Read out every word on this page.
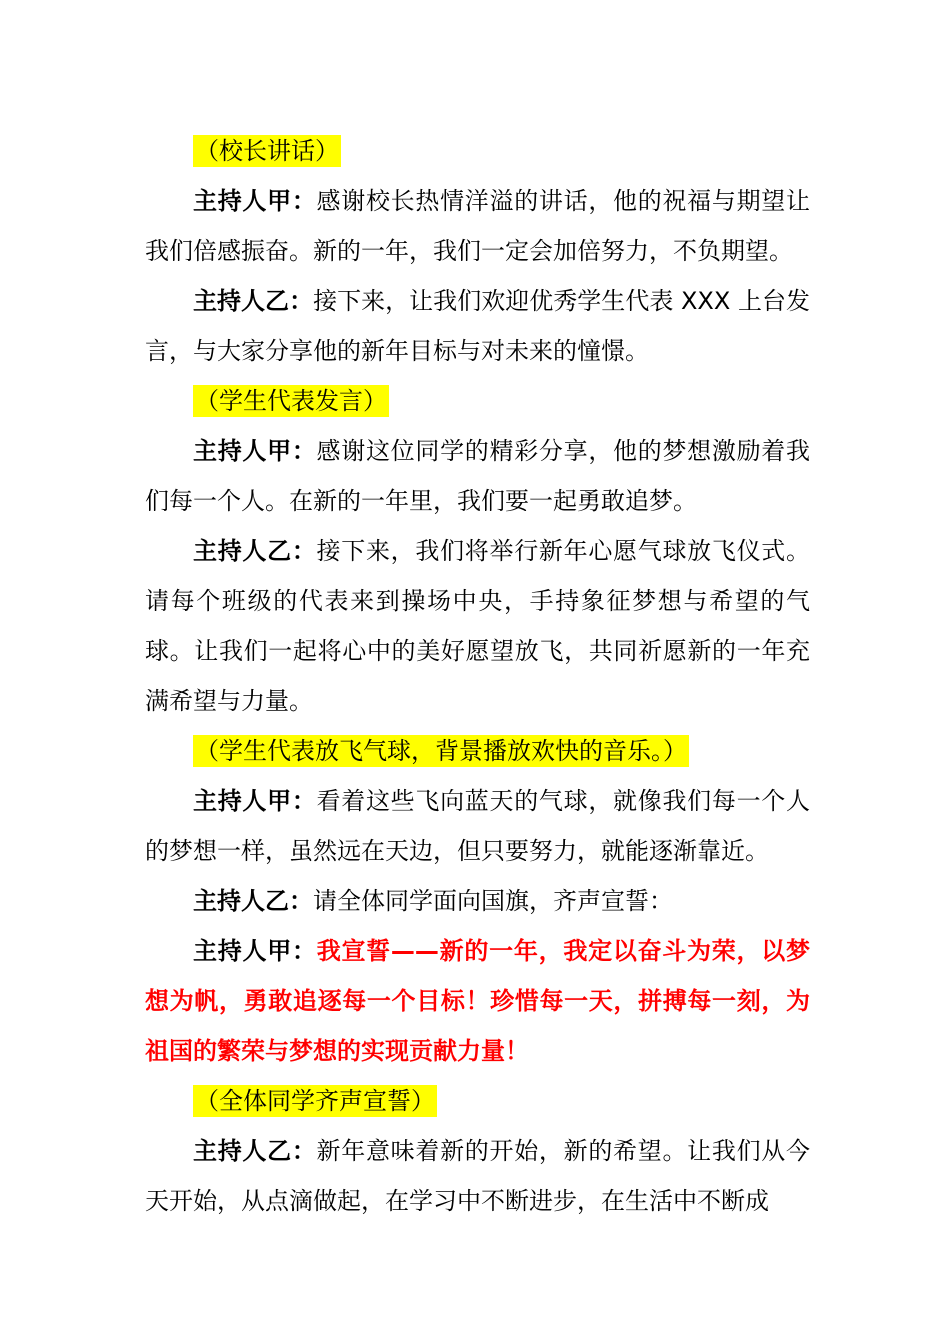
（校长讲话）

主持人甲：感谢校长热情洋溢的讲话，他的祝福与期望让我们倍感振奋。新的一年，我们一定会加倍努力，不负期望。

主持人乙：接下来，让我们欢迎优秀学生代表 XXX 上台发言，与大家分享他的新年目标与对未来的憧憬。

（学生代表发言）

主持人甲：感谢这位同学的精彩分享，他的梦想激励着我们每一个人。在新的一年里，我们要一起勇敢追梦。

主持人乙：接下来，我们将举行新年心愿气球放飞仪式。请每个班级的代表来到操场中央，手持象征梦想与希望的气球。让我们一起将心中的美好愿望放飞，共同祈愿新的一年充满希望与力量。

（学生代表放飞气球，背景播放欢快的音乐。）

主持人甲：看着这些飞向蓝天的气球，就像我们每一个人的梦想一样，虽然远在天边，但只要努力，就能逐渐靠近。

主持人乙：请全体同学面向国旗，齐声宣誓：

主持人甲：我宣誓——新的一年，我定以奋斗为荣，以梦想为帆，勇敢追逐每一个目标！珍惜每一天，拼搏每一刻，为祖国的繁荣与梦想的实现贡献力量！

（全体同学齐声宣誓）

主持人乙：新年意味着新的开始，新的希望。让我们从今天开始，从点滴做起，在学习中不断进步，在生活中不断成
